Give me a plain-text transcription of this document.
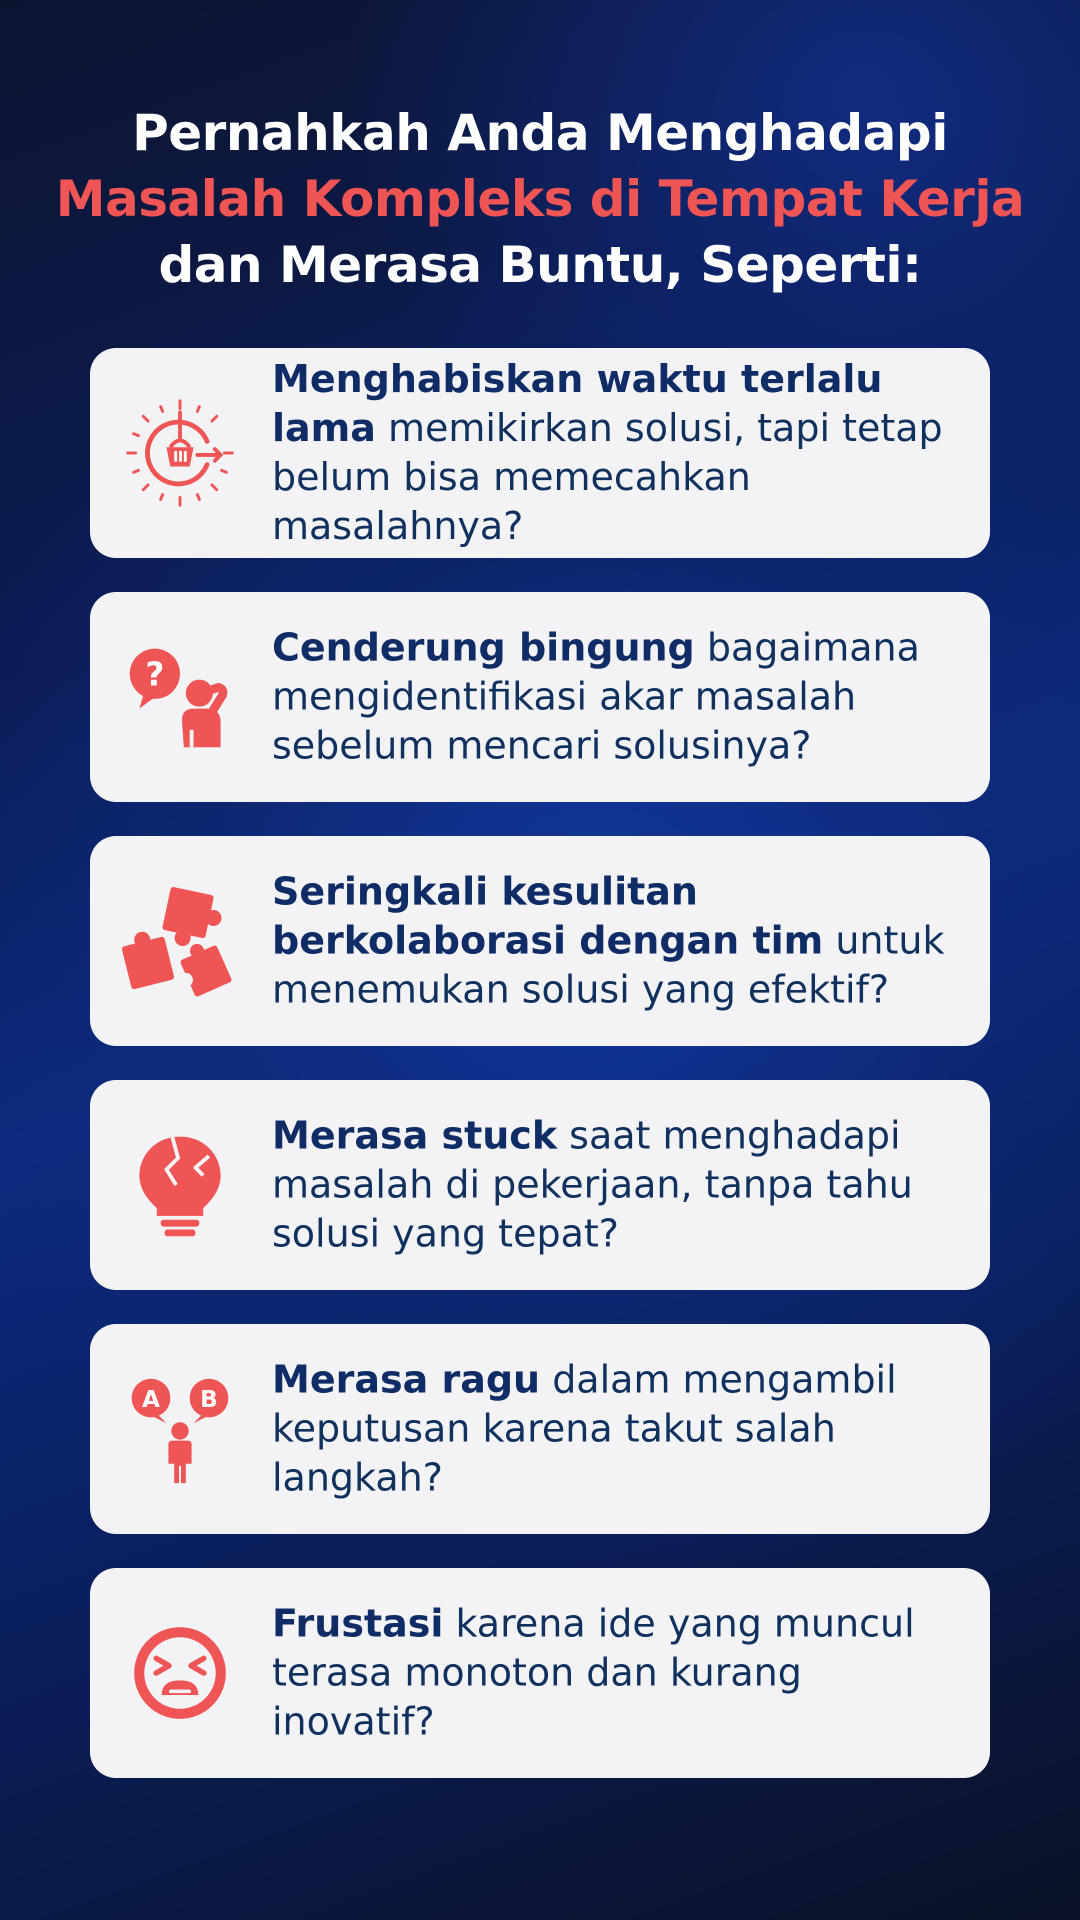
Pernahkah Anda Menghadapi
Masalah Kompleks di Tempat Kerja
dan Merasa Buntu, Seperti:
Menghabiskan waktu terlalu lama memikirkan solusi, tapi tetap belum bisa memecahkan masalahnya?
?
Cenderung bingung bagaimana mengidentifikasi akar masalah sebelum mencari solusinya?
Seringkali kesulitan berkolaborasi dengan tim untuk menemukan solusi yang efektif?
Merasa stuck saat menghadapi masalah di pekerjaan, tanpa tahu solusi yang tepat?
A B Merasa ragu dalam mengambil keputusan karena takut salah langkah?
Frustasi karena ide yang muncul terasa monoton dan kurang inovatif?
